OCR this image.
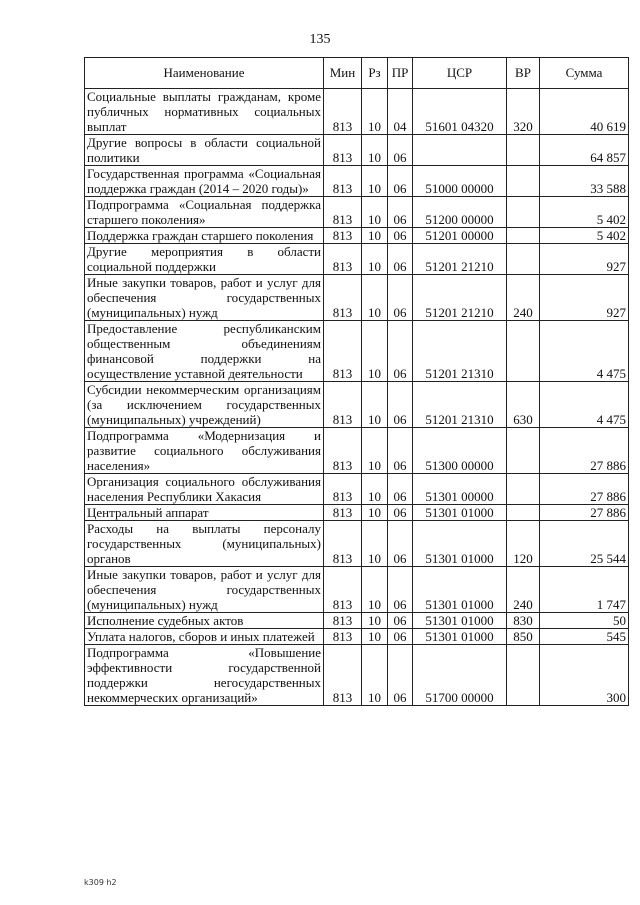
135
Наименование	Мин	Рз	ПР	ЦСР	ВР	Сумма
Социальные выплаты гражданам, кроме публичных нормативных социальных выплат	813	10	04	51601 04320	320	40 619
Другие вопросы в области социальной политики	813	10	06			64 857
Государственная программа «Социальная поддержка граждан (2014 – 2020 годы)»	813	10	06	51000 00000		33 588
Подпрограмма «Социальная поддержка старшего поколения»	813	10	06	51200 00000		5 402
Поддержка граждан старшего поколения	813	10	06	51201 00000		5 402
Другие мероприятия в области социальной поддержки	813	10	06	51201 21210		927
Иные закупки товаров, работ и услуг для обеспечения государственных (муниципальных) нужд	813	10	06	51201 21210	240	927
Предоставление республиканским общественным объединениям финансовой поддержки на осуществление уставной деятельности	813	10	06	51201 21310		4 475
Субсидии некоммерческим организациям (за исключением государственных (муниципальных) учреждений)	813	10	06	51201 21310	630	4 475
Подпрограмма «Модернизация и развитие социального обслуживания населения»	813	10	06	51300 00000		27 886
Организация социального обслуживания населения Республики Хакасия	813	10	06	51301 00000		27 886
Центральный аппарат	813	10	06	51301 01000		27 886
Расходы на выплаты персоналу государственных (муниципальных) органов	813	10	06	51301 01000	120	25 544
Иные закупки товаров, работ и услуг для обеспечения государственных (муниципальных) нужд	813	10	06	51301 01000	240	1 747
Исполнение судебных актов	813	10	06	51301 01000	830	50
Уплата налогов, сборов и иных платежей	813	10	06	51301 01000	850	545
Подпрограмма «Повышение эффективности государственной поддержки негосударственных некоммерческих организаций»	813	10	06	51700 00000		300
k309 h2
